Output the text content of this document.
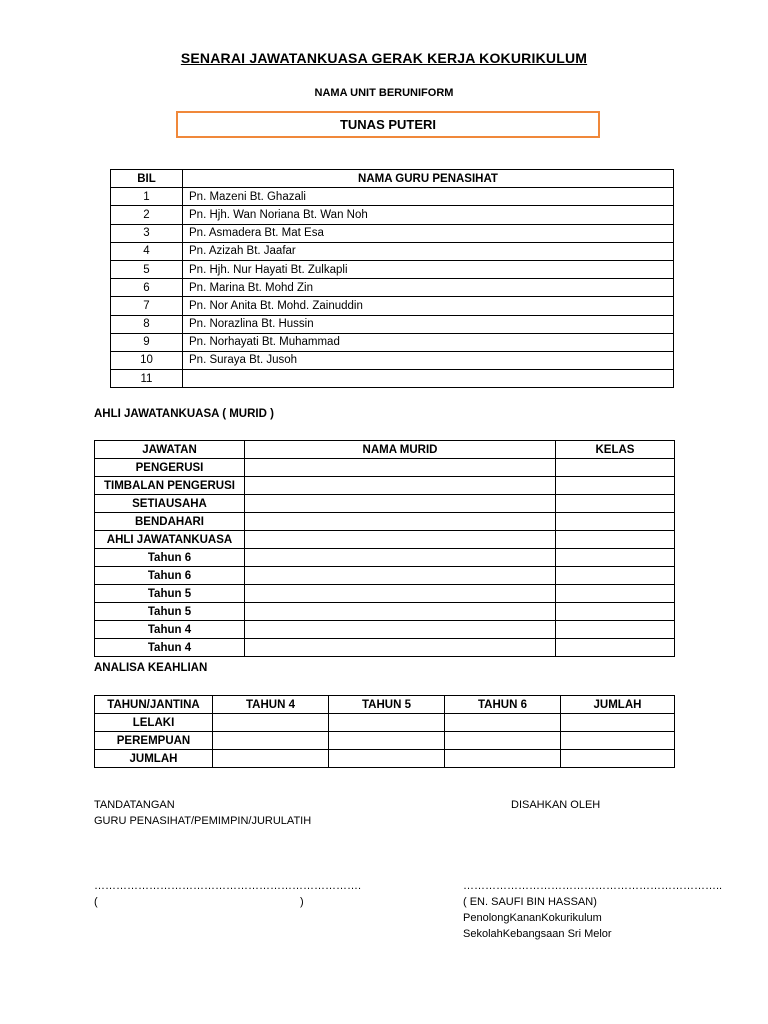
SENARAI JAWATANKUASA GERAK KERJA KOKURIKULUM
NAMA UNIT BERUNIFORM
TUNAS PUTERI
BIL	NAMA GURU PENASIHAT
1	Pn. Mazeni Bt. Ghazali
2	Pn. Hjh. Wan Noriana Bt. Wan Noh
3	Pn. Asmadera Bt. Mat Esa
4	Pn. Azizah Bt. Jaafar
5	Pn. Hjh. Nur Hayati Bt. Zulkapli
6	Pn. Marina Bt. Mohd Zin
7	Pn. Nor Anita Bt. Mohd. Zainuddin
8	Pn. Norazlina Bt. Hussin
9	Pn. Norhayati Bt. Muhammad
10	Pn. Suraya Bt. Jusoh
11	
AHLI JAWATANKUASA ( MURID )
JAWATAN	NAMA MURID	KELAS
PENGERUSI		
TIMBALAN PENGERUSI		
SETIAUSAHA		
BENDAHARI		
AHLI JAWATANKUASA		
Tahun 6		
Tahun 6		
Tahun 5		
Tahun 5		
Tahun 4		
Tahun 4		
ANALISA KEAHLIAN
TAHUN/JANTINA	TAHUN 4	TAHUN 5	TAHUN 6	JUMLAH
LELAKI				
PEREMPUAN				
JUMLAH				
TANDATANGAN
GURU PENASIHAT/PEMIMPIN/JURULATIH
DISAHKAN OLEH
……………………………………………………………….
(	)
……………………………………………………………..
( EN. SAUFI BIN HASSAN)
PenolongKananKokurikulum
SekolahKebangsaan Sri Melor
